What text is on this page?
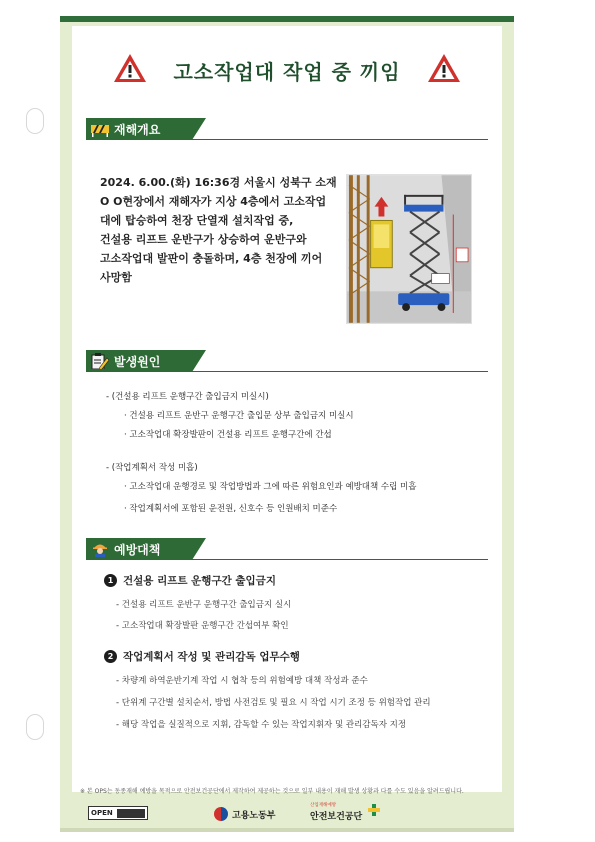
고소작업대 작업 중 끼임
재해개요
2024. 6.00.(화) 16:36경 서울시 성북구 소재
O O현장에서 재해자가 지상 4층에서 고소작업
대에 탑승하여 천장 단열재 설치작업 중,
건설용 리프트 운반구가 상승하여 운반구와
고소작업대 발판이 충돌하며, 4층 천장에 끼어
사망함
발생원인
- (건설용 리프트 운행구간 출입금지 미실시)
· 건설용 리프트 운반구 운행구간 출입문 상부 출입금지 미실시
· 고소작업대 확장발판이 건설용 리프트 운행구간에 간섭
- (작업계획서 작성 미흡)
· 고소작업대 운행경로 및 작업방법과 그에 따른 위험요인과 예방대책 수립 미흡
· 작업계획서에 포함된 운전원, 신호수 등 인원배치 미준수
예방대책
1 건설용 리프트 운행구간 출입금지
- 건설용 리프트 운반구 운행구간 출입금지 실시
- 고소작업대 확장발판 운행구간 간섭여부 확인
2 작업계획서 작성 및 관리감독 업무수행
- 차량계 하역운반기계 작업 시 협착 등의 위험예방 대책 작성과 준수
- 단위계 구간별 설치순서, 방법 사전검토 및 필요 시 작업 시기 조정 등 위험작업 관리
- 해당 작업을 실질적으로 지휘, 감독할 수 있는 작업지휘자 및 관리감독자 지정
※ 본 OPS는 동종재해 예방을 목적으로 안전보건공단에서 제작하여 제공하는 것으로 일부 내용이 재해 발생 상황과 다를 수도 있음을 알려드립니다.
OPEN	고용노동부
산업재해예방
안전보건공단
